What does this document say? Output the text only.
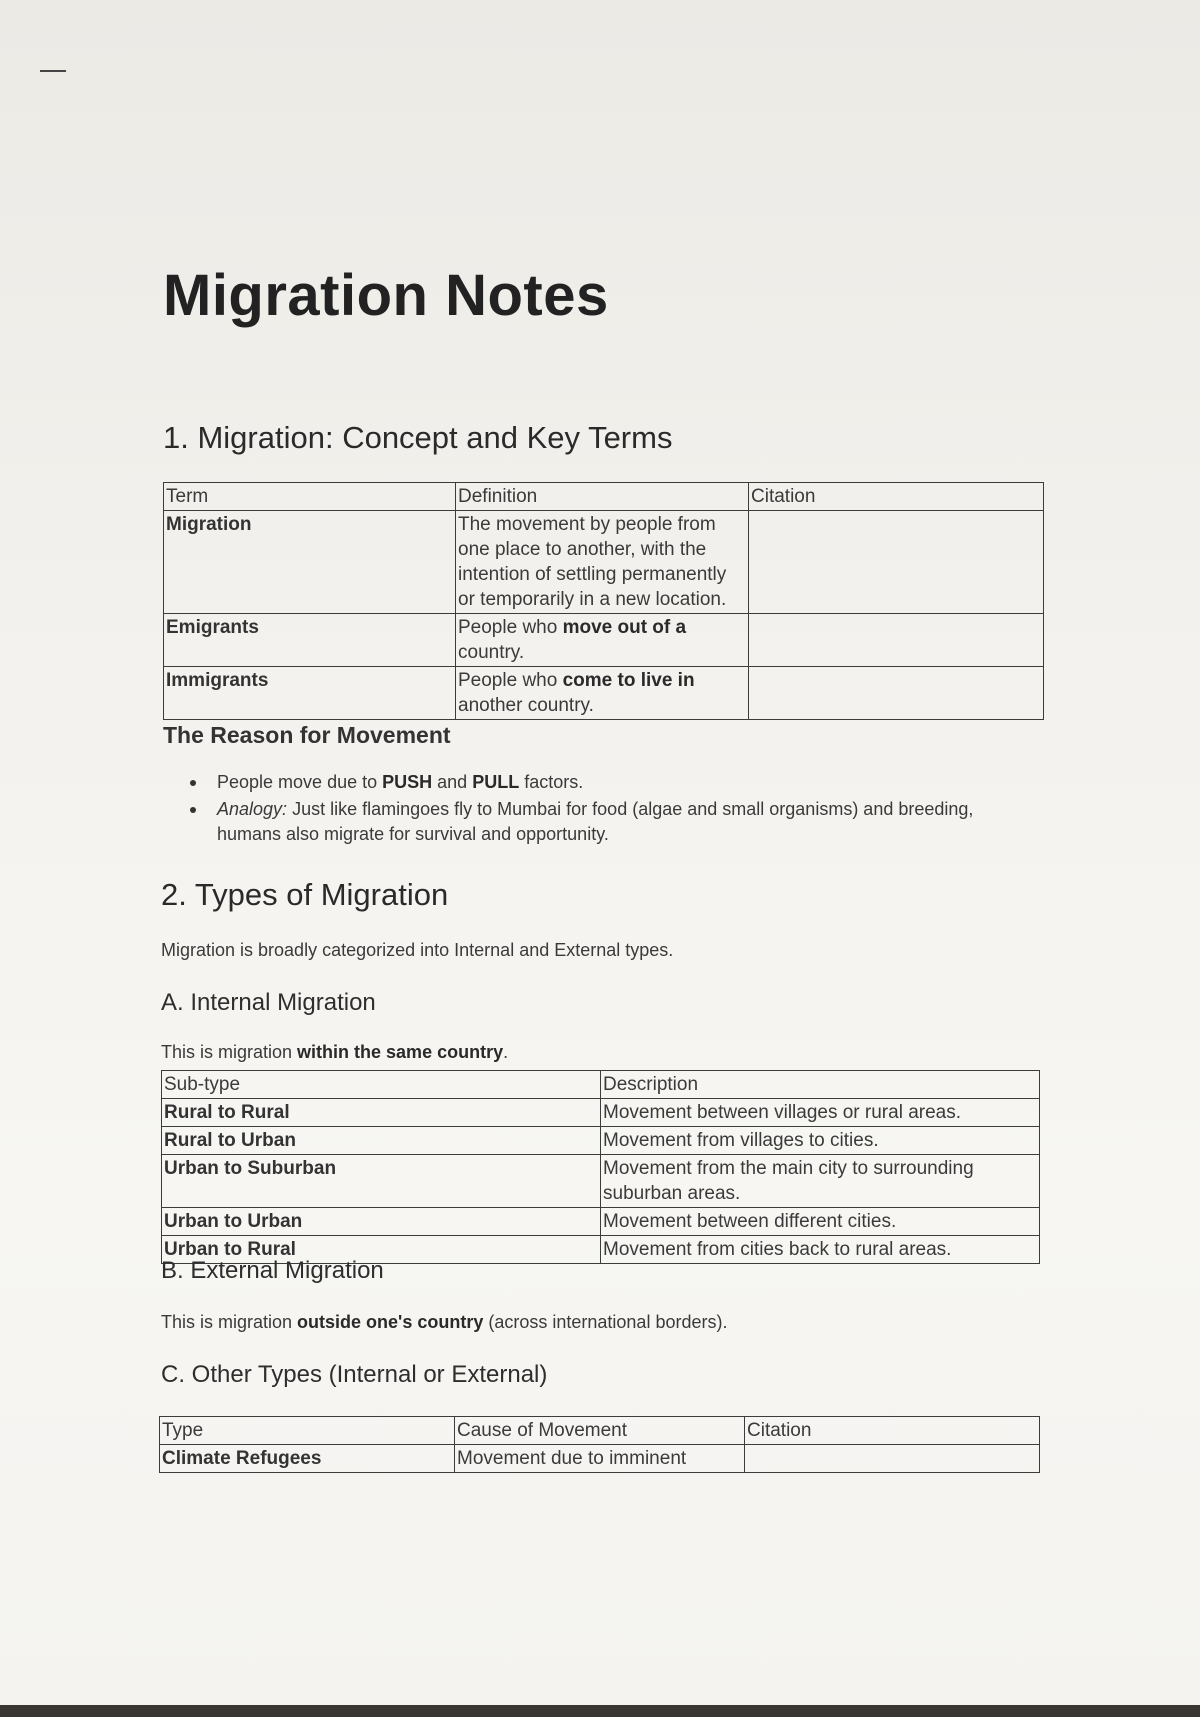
Migration Notes
1. Migration: Concept and Key Terms
Term	Definition	Citation
Migration	The movement by people from one place to another, with the intention of settling permanently or temporarily in a new location.	
Emigrants	People who move out of a country.	
Immigrants	People who come to live in another country.	
The Reason for Movement
People move due to PUSH and PULL factors.
Analogy: Just like flamingoes fly to Mumbai for food (algae and small organisms) and breeding, humans also migrate for survival and opportunity.
2. Types of Migration
Migration is broadly categorized into Internal and External types.
A. Internal Migration
This is migration within the same country.
Sub-type	Description
Rural to Rural	Movement between villages or rural areas.
Rural to Urban	Movement from villages to cities.
Urban to Suburban	Movement from the main city to surrounding suburban areas.
Urban to Urban	Movement between different cities.
Urban to Rural	Movement from cities back to rural areas.
B. External Migration
This is migration outside one's country (across international borders).
C. Other Types (Internal or External)
Type	Cause of Movement	Citation
Climate Refugees	Movement due to imminent	
